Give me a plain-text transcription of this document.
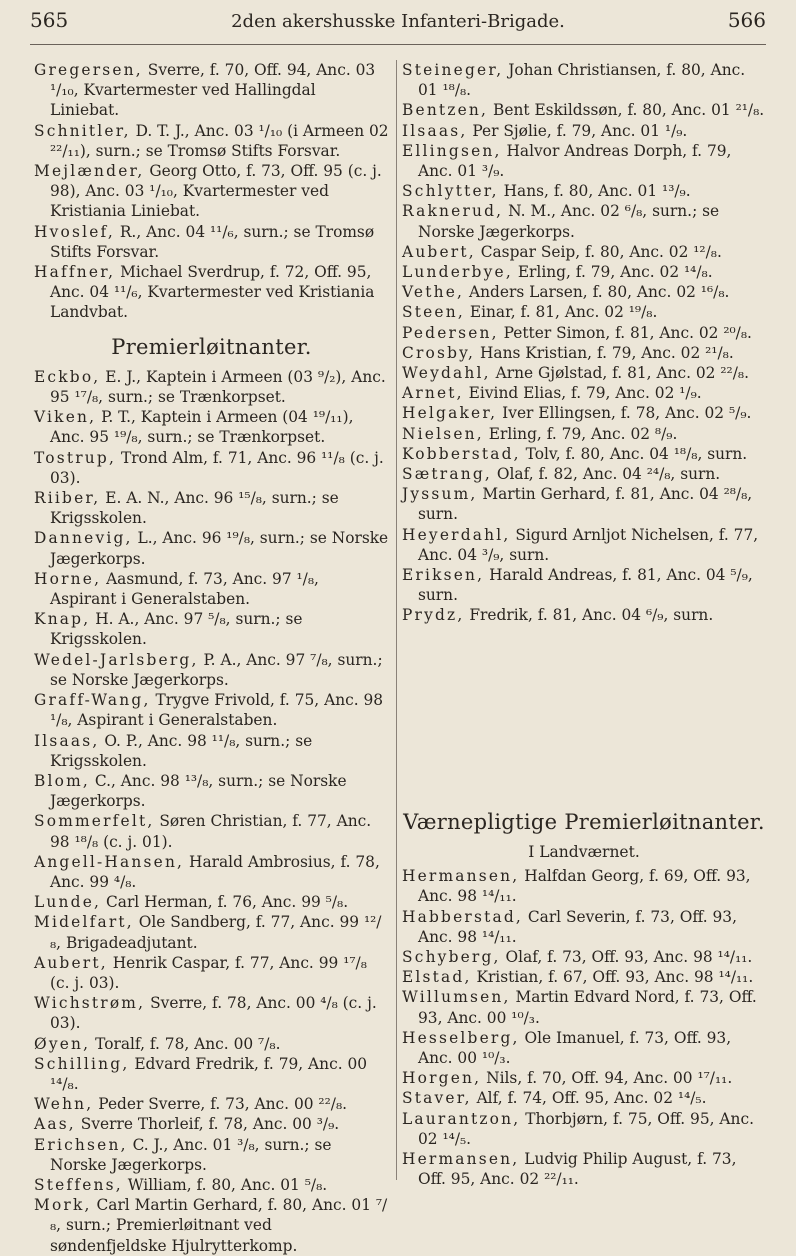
565	2den akershusske Infanteri-Brigade.	566

Gregersen, Sverre, f. 70, Off. 94, Anc. 03 ¹/₁₀, Kvartermester ved Hallingdal Liniebat.

Schnitler, D. T. J., Anc. 03 ¹/₁₀ (i Armeen 02 ²²/₁₁), surn.; se Tromsø Stifts Forsvar.

Mejlænder, Georg Otto, f. 73, Off. 95 (c. j. 98), Anc. 03 ¹/₁₀, Kvartermester ved Kristiania Liniebat.

Hvoslef, R., Anc. 04 ¹¹/₆, surn.; se Tromsø Stifts Forsvar.

Haffner, Michael Sverdrup, f. 72, Off. 95, Anc. 04 ¹¹/₆, Kvartermester ved Kristiania Landvbat.

Premierløitnanter.

Eckbo, E. J., Kaptein i Armeen (03 ⁹/₂), Anc. 95 ¹⁷/₈, surn.; se Trænkorpset.

Viken, P. T., Kaptein i Armeen (04 ¹⁹/₁₁), Anc. 95 ¹⁹/₈, surn.; se Trænkorpset.

Tostrup, Trond Alm, f. 71, Anc. 96 ¹¹/₈ (c. j. 03).

Riiber, E. A. N., Anc. 96 ¹⁵/₈, surn.; se Krigsskolen.

Dannevig, L., Anc. 96 ¹⁹/₈, surn.; se Norske Jægerkorps.

Horne, Aasmund, f. 73, Anc. 97 ¹/₈, Aspirant i Generalstaben.

Knap, H. A., Anc. 97 ⁵/₈, surn.; se Krigsskolen.

Wedel-Jarlsberg, P. A., Anc. 97 ⁷/₈, surn.; se Norske Jægerkorps.

Graff-Wang, Trygve Frivold, f. 75, Anc. 98 ¹/₈, Aspirant i Generalstaben.

Ilsaas, O. P., Anc. 98 ¹¹/₈, surn.; se Krigsskolen.

Blom, C., Anc. 98 ¹³/₈, surn.; se Norske Jægerkorps.

Sommerfelt, Søren Christian, f. 77, Anc. 98 ¹⁸/₈ (c. j. 01).

Angell-Hansen, Harald Ambrosius, f. 78, Anc. 99 ⁴/₈.

Lunde, Carl Herman, f. 76, Anc. 99 ⁵/₈.

Midelfart, Ole Sandberg, f. 77, Anc. 99 ¹²/₈, Brigadeadjutant.

Aubert, Henrik Caspar, f. 77, Anc. 99 ¹⁷/₈ (c. j. 03).

Wichstrøm, Sverre, f. 78, Anc. 00 ⁴/₈ (c. j. 03).

Øyen, Toralf, f. 78, Anc. 00 ⁷/₈.

Schilling, Edvard Fredrik, f. 79, Anc. 00 ¹⁴/₈.

Wehn, Peder Sverre, f. 73, Anc. 00 ²²/₈.

Aas, Sverre Thorleif, f. 78, Anc. 00 ³/₉.

Erichsen, C. J., Anc. 01 ³/₈, surn.; se Norske Jægerkorps.

Steffens, William, f. 80, Anc. 01 ⁵/₈.

Mork, Carl Martin Gerhard, f. 80, Anc. 01 ⁷/₈, surn.; Premierløitnant ved søndenfjeldske Hjulrytterkomp.

Steineger, Johan Christiansen, f. 80, Anc. 01 ¹⁸/₈.

Bentzen, Bent Eskildssøn, f. 80, Anc. 01 ²¹/₈.

Ilsaas, Per Sjølie, f. 79, Anc. 01 ¹/₉.

Ellingsen, Halvor Andreas Dorph, f. 79, Anc. 01 ³/₉.

Schlytter, Hans, f. 80, Anc. 01 ¹³/₉.

Raknerud, N. M., Anc. 02 ⁶/₈, surn.; se Norske Jægerkorps.

Aubert, Caspar Seip, f. 80, Anc. 02 ¹²/₈.

Lunderbye, Erling, f. 79, Anc. 02 ¹⁴/₈.

Vethe, Anders Larsen, f. 80, Anc. 02 ¹⁶/₈.

Steen, Einar, f. 81, Anc. 02 ¹⁹/₈.

Pedersen, Petter Simon, f. 81, Anc. 02 ²⁰/₈.

Crosby, Hans Kristian, f. 79, Anc. 02 ²¹/₈.

Weydahl, Arne Gjølstad, f. 81, Anc. 02 ²²/₈.

Arnet, Eivind Elias, f. 79, Anc. 02 ¹/₉.

Helgaker, Iver Ellingsen, f. 78, Anc. 02 ⁵/₉.

Nielsen, Erling, f. 79, Anc. 02 ⁸/₉.

Kobberstad, Tolv, f. 80, Anc. 04 ¹⁸/₈, surn.

Sætrang, Olaf, f. 82, Anc. 04 ²⁴/₈, surn.

Jyssum, Martin Gerhard, f. 81, Anc. 04 ²⁸/₈, surn.

Heyerdahl, Sigurd Arnljot Nichelsen, f. 77, Anc. 04 ³/₉, surn.

Eriksen, Harald Andreas, f. 81, Anc. 04 ⁵/₉, surn.

Prydz, Fredrik, f. 81, Anc. 04 ⁶/₉, surn.

Værnepligtige Premierløitnanter.
I Landværnet.

Hermansen, Halfdan Georg, f. 69, Off. 93, Anc. 98 ¹⁴/₁₁.

Habberstad, Carl Severin, f. 73, Off. 93, Anc. 98 ¹⁴/₁₁.

Schyberg, Olaf, f. 73, Off. 93, Anc. 98 ¹⁴/₁₁.

Elstad, Kristian, f. 67, Off. 93, Anc. 98 ¹⁴/₁₁.

Willumsen, Martin Edvard Nord, f. 73, Off. 93, Anc. 00 ¹⁰/₃.

Hesselberg, Ole Imanuel, f. 73, Off. 93, Anc. 00 ¹⁰/₃.

Horgen, Nils, f. 70, Off. 94, Anc. 00 ¹⁷/₁₁.

Staver, Alf, f. 74, Off. 95, Anc. 02 ¹⁴/₅.

Laurantzon, Thorbjørn, f. 75, Off. 95, Anc. 02 ¹⁴/₅.

Hermansen, Ludvig Philip August, f. 73, Off. 95, Anc. 02 ²²/₁₁.
